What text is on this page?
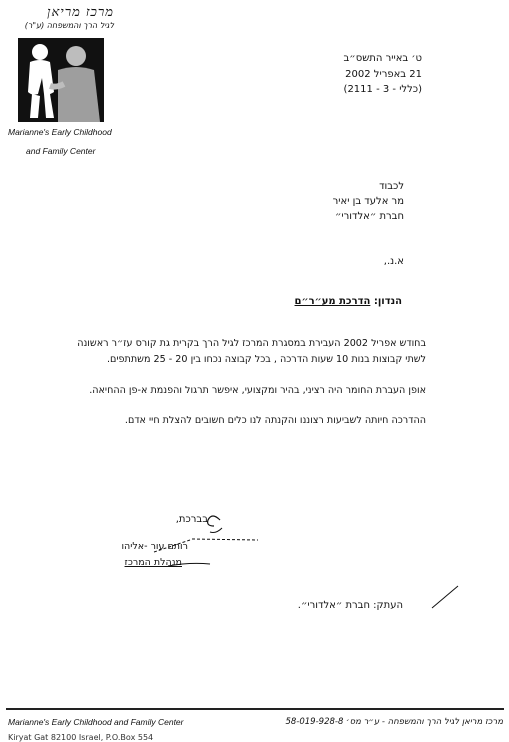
מרכז מריאן
לגיל הרך והמשפחה (ע"ר)
Marianne's Early Childhood
and Family Center
ט׳ באייר התשס״ב
21 באפריל 2002
(כללי - 3 - 2111)
לכבוד
מר אלעד בן יאיר
חברת ״אלדורי״
א.נ.,
הנדון: הדרכת מע״ר״ם
בחודש אפריל 2002 העבירת במסגרת המרכז לגיל הרך בקרית גת קורס עז״ר ראשונה
לשתי קבוצות בנות 10 שעות הדרכה , בכל קבוצה נכחו בין 20 - 25 משתתפים.
אופן העברת החומר היה רציני, בהיר ומקצועי, איפשר תרגול והפנמת א-פן ההחיאה.
ההדרכה חיותה לשביעות רצוננו והקנתה לנו כלים חשובים להצלת חיי אדם.
בברכת,
רותם עור -אליהו
מנהלת המרכז
העתק: חברת ״אלדורי״.
Marianne's Early Childhood and Family Center	מרכז מריאן לגיל הרך והמשפחה - ע״ר מס׳ 58-019-928-8
Kiryat Gat 82100 Israel, P.O.Box 554
